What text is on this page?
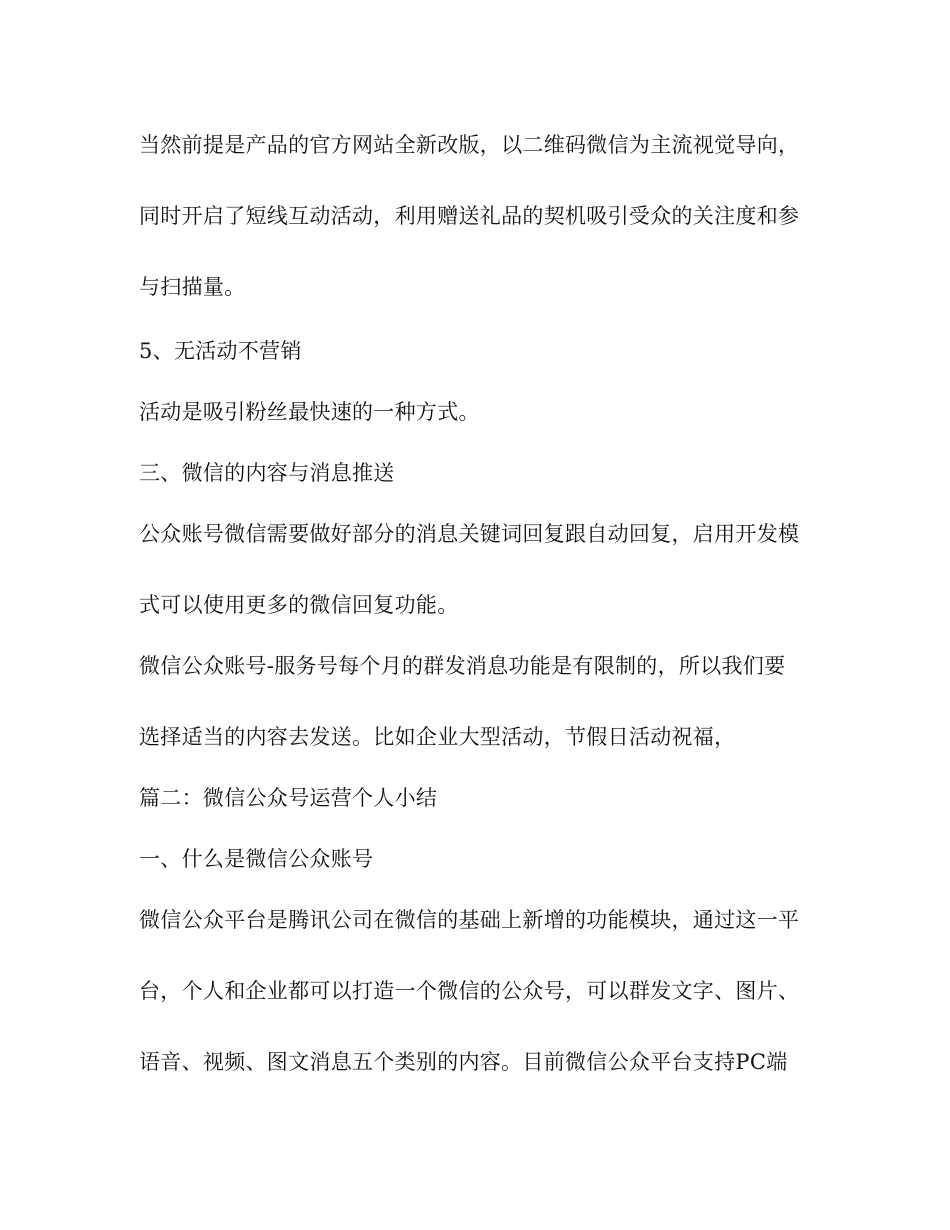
当然前提是产品的官方网站全新改版，以二维码微信为主流视觉导向，
同时开启了短线互动活动，利用赠送礼品的契机吸引受众的关注度和参
与扫描量。
5、无活动不营销
活动是吸引粉丝最快速的一种方式。
三、微信的内容与消息推送
公众账号微信需要做好部分的消息关键词回复跟自动回复，启用开发模
式可以使用更多的微信回复功能。
微信公众账号-服务号每个月的群发消息功能是有限制的，所以我们要
选择适当的内容去发送。比如企业大型活动，节假日活动祝福，
篇二：微信公众号运营个人小结
一、什么是微信公众账号
微信公众平台是腾讯公司在微信的基础上新增的功能模块，通过这一平
台，个人和企业都可以打造一个微信的公众号，可以群发文字、图片、
语音、视频、图文消息五个类别的内容。目前微信公众平台支持PC端
